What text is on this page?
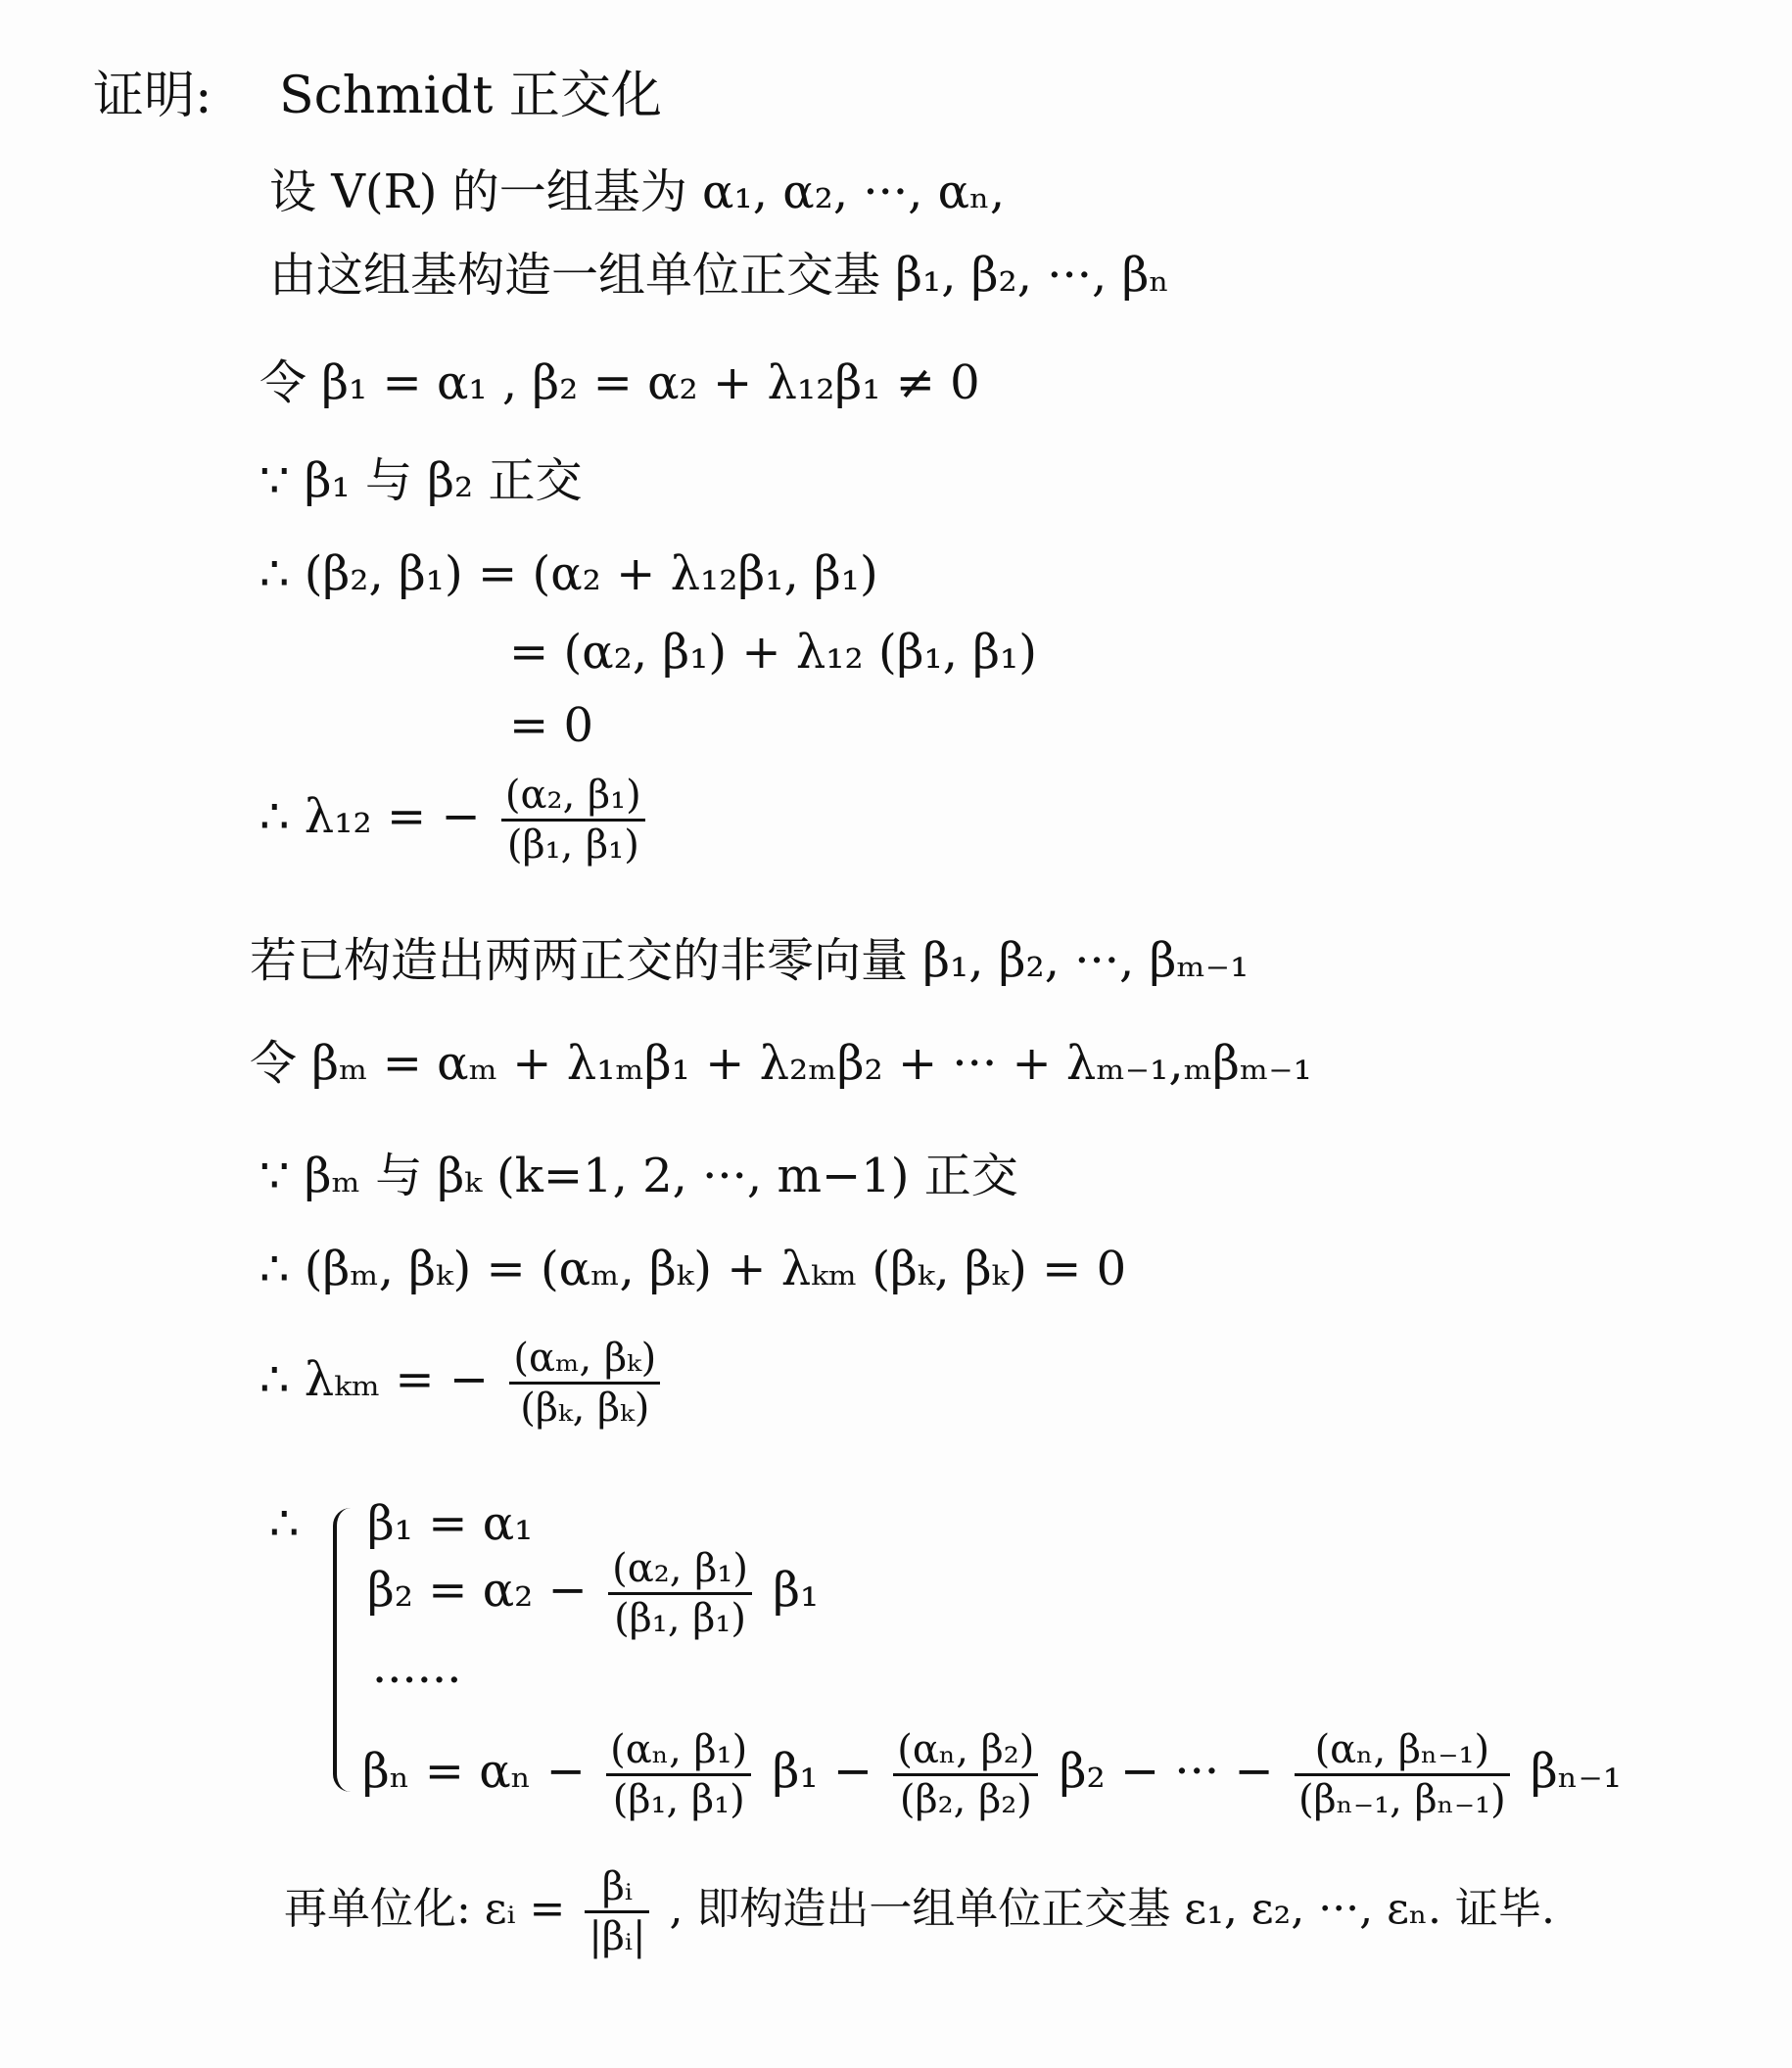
证明: Schmidt 正交化
设 V(R) 的一组基为 α₁, α₂, ···, αₙ,
由这组基构造一组单位正交基 β₁, β₂, ···, βₙ
令 β₁ = α₁ , β₂ = α₂ + λ₁₂β₁ ≠ 0
∵ β₁ 与 β₂ 正交
∴ (β₂, β₁) = (α₂ + λ₁₂β₁, β₁)
= (α₂, β₁) + λ₁₂ (β₁, β₁)
= 0
∴ λ₁₂ = − $\frac{\text{(α₂, β₁)}}{\text{(β₁, β₁)}}$
若已构造出两两正交的非零向量 β₁, β₂, ···, βₘ₋₁
令 βₘ = αₘ + λ₁ₘβ₁ + λ₂ₘβ₂ + ··· + λₘ₋₁,ₘβₘ₋₁
∵ βₘ 与 βₖ (k=1, 2, ···, m−1) 正交
∴ (βₘ, βₖ) = (αₘ, βₖ) + λₖₘ (βₖ, βₖ) = 0
∴ λₖₘ = − $\frac{\text{(αₘ, βₖ)}}{\text{(βₖ, βₖ)}}$
∴ β₁ = α₁
$\beta_2 = \alpha_2 - \frac{\text{(α₂, β₁)}}{\text{(β₁, β₁)}} \beta_1$
······
$\beta_n = \alpha_n - \frac{\text{(αₙ, β₁)}}{\text{(β₁, β₁)}} \beta_1 - \frac{\text{(αₙ, β₂)}}{\text{(β₂, β₂)}} \beta_2$ − ··· − $\frac{\text{(αₙ, βₙ₋₁)}}{\text{(βₙ₋₁, βₙ₋₁)}} \beta_{n-1}$
再单位化: εᵢ = $\frac{\text{βᵢ}}{\text{|βᵢ|}}$ , 即构造出一组单位正交基 ε₁, ε₂, ···, εₙ. 证毕.
